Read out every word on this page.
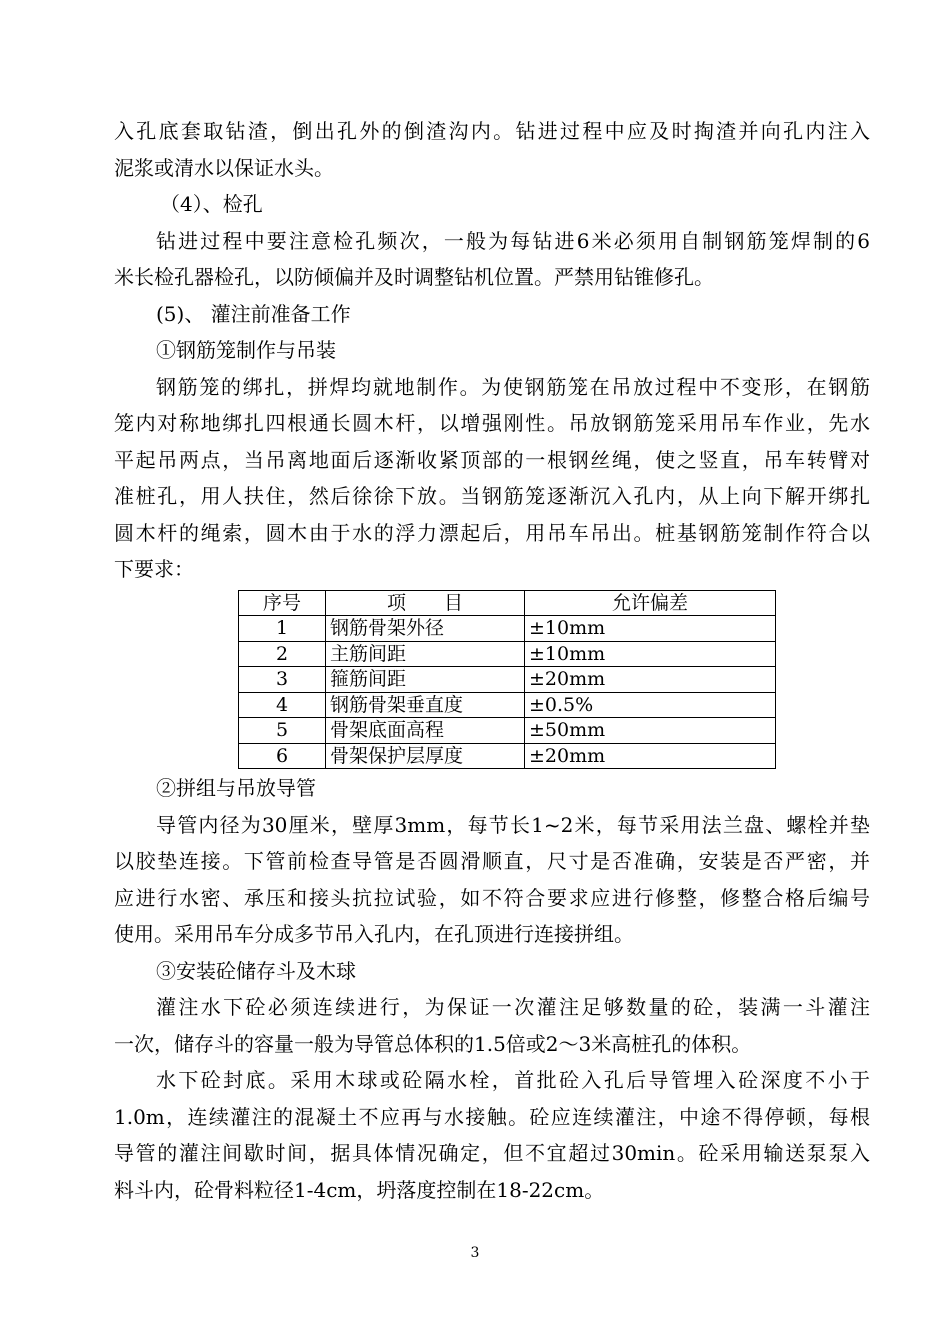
入孔底套取钻渣，倒出孔外的倒渣沟内。钻进过程中应及时掏渣并向孔内注入
泥浆或清水以保证水头。
（4）、检孔
钻进过程中要注意检孔频次，一般为每钻进6米必须用自制钢筋笼焊制的6
米长检孔器检孔，以防倾偏并及时调整钻机位置。严禁用钻锥修孔。
(5)、 灌注前准备工作
①钢筋笼制作与吊装
钢筋笼的绑扎，拼焊均就地制作。为使钢筋笼在吊放过程中不变形，在钢筋
笼内对称地绑扎四根通长圆木杆，以增强刚性。吊放钢筋笼采用吊车作业，先水
平起吊两点，当吊离地面后逐渐收紧顶部的一根钢丝绳，使之竖直，吊车转臂对
准桩孔，用人扶住，然后徐徐下放。当钢筋笼逐渐沉入孔内，从上向下解开绑扎
圆木杆的绳索，圆木由于水的浮力漂起后，用吊车吊出。桩基钢筋笼制作符合以
下要求：
序号	项　　目	允许偏差
1	钢筋骨架外径	±10mm
2	主筋间距	±10mm
3	箍筋间距	±20mm
4	钢筋骨架垂直度	±0.5%
5	骨架底面高程	±50mm
6	骨架保护层厚度	±20mm
②拼组与吊放导管
导管内径为30厘米，壁厚3mm，每节长1~2米，每节采用法兰盘、螺栓并垫
以胶垫连接。下管前检查导管是否圆滑顺直，尺寸是否准确，安装是否严密，并
应进行水密、承压和接头抗拉试验，如不符合要求应进行修整，修整合格后编号
使用。采用吊车分成多节吊入孔内，在孔顶进行连接拼组。
③安装砼储存斗及木球
灌注水下砼必须连续进行，为保证一次灌注足够数量的砼，装满一斗灌注
一次，储存斗的容量一般为导管总体积的1.5倍或2～3米高桩孔的体积。
水下砼封底。采用木球或砼隔水栓，首批砼入孔后导管埋入砼深度不小于
1.0m，连续灌注的混凝土不应再与水接触。砼应连续灌注，中途不得停顿，每根
导管的灌注间歇时间，据具体情况确定，但不宜超过30min。砼采用输送泵泵入
料斗内，砼骨料粒径1-4cm，坍落度控制在18-22cm。
3
